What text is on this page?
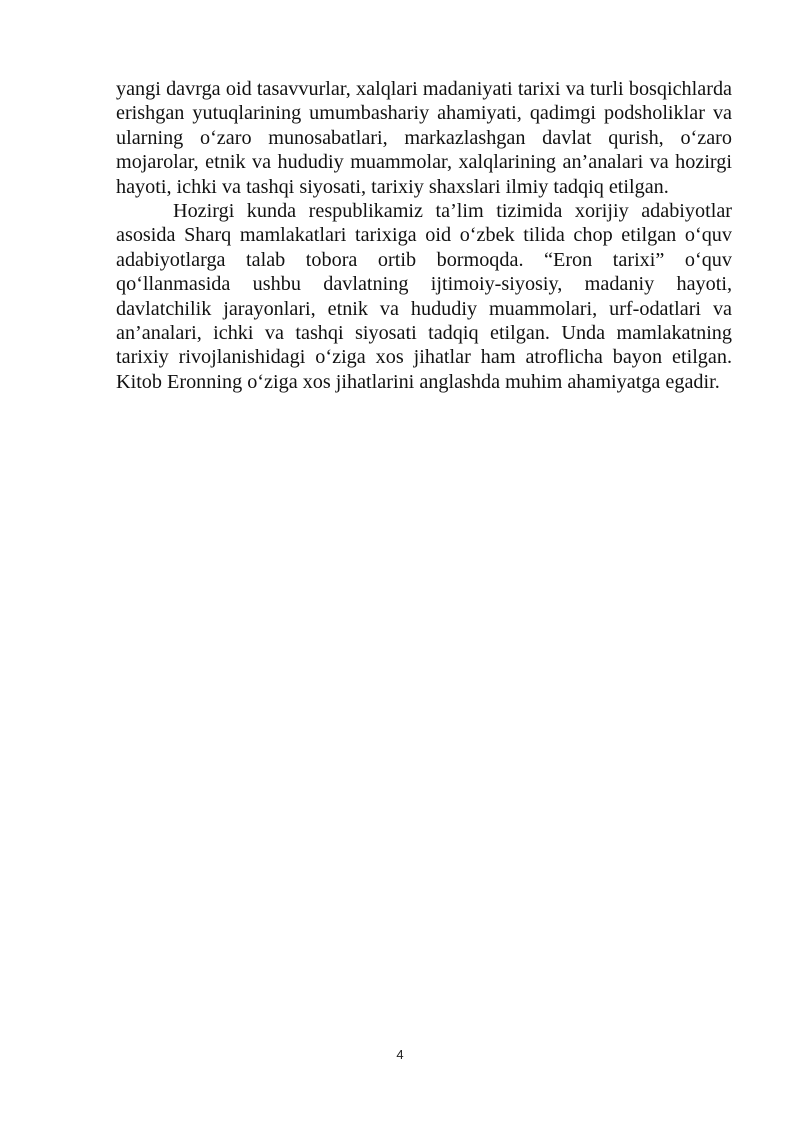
yangi davrga oid tasavvurlar, xalqlari madaniyati tarixi va turli bosqichlarda erishgan yutuqlarining umumbashariy ahamiyati, qadimgi podsholiklar va ularning o‘zaro munosabatlari, markazlashgan davlat qurish, o‘zaro mojarolar, etnik va hududiy muammolar, xalqlarining an’analari va hozirgi hayoti, ichki va tashqi siyosati, tarixiy shaxslari ilmiy tadqiq etilgan.

Hozirgi kunda respublikamiz ta’lim tizimida xorijiy adabiyotlar asosida Sharq mamlakatlari tarixiga oid o‘zbek tilida chop etilgan o‘quv adabiyotlarga talab tobora ortib bormoqda. “Eron tarixi” o‘quv qo‘llanmasida ushbu davlatning ijtimoiy-siyosiy, madaniy hayoti, davlatchilik jarayonlari, etnik va hududiy muammolari, urf-odatlari va an’analari, ichki va tashqi siyosati tadqiq etilgan. Unda mamlakatning tarixiy rivojlanishidagi o‘ziga xos jihatlar ham atroflicha bayon etilgan. Kitob Eronning o‘ziga xos jihatlarini anglashda muhim ahamiyatga egadir.

4
